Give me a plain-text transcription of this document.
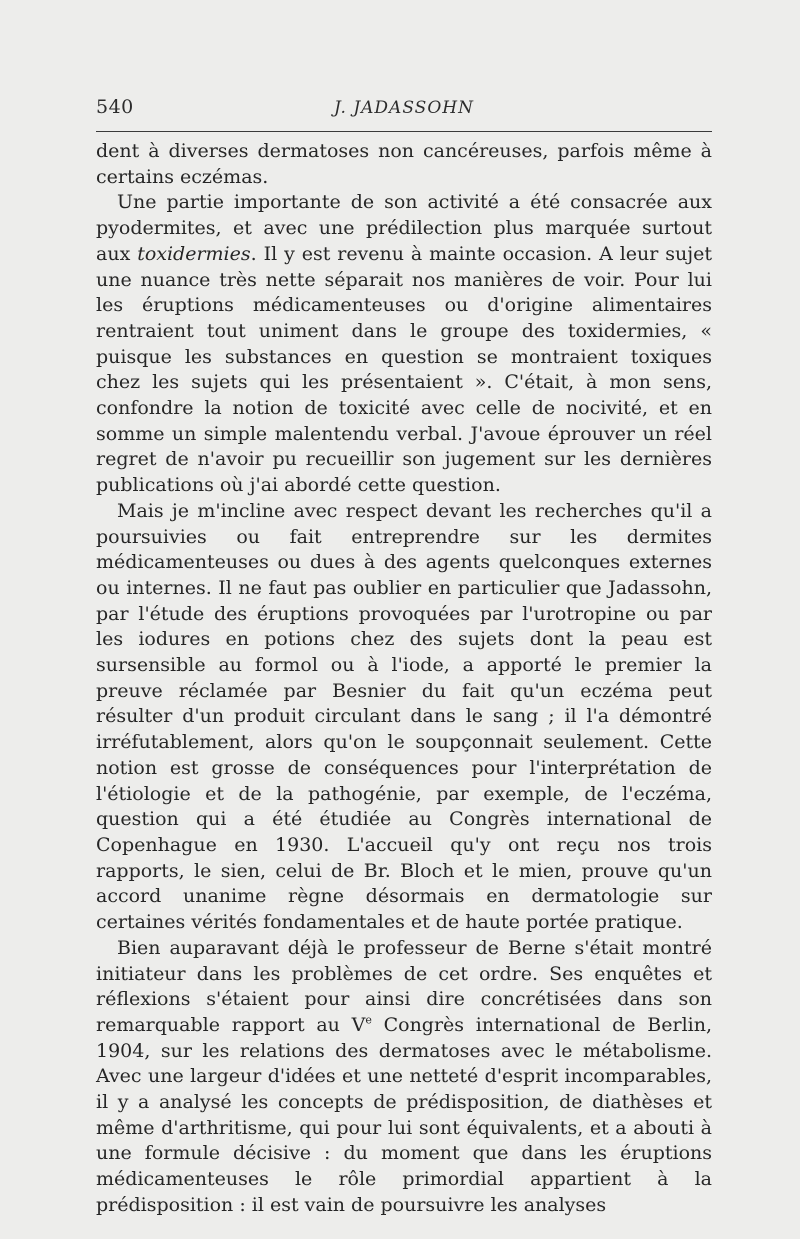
540	J. JADASSOHN

dent à diverses dermatoses non cancéreuses, parfois même à certains eczémas.

Une partie importante de son activité a été consacrée aux pyodermites, et avec une prédilection plus marquée surtout aux toxidermies. Il y est revenu à mainte occasion. A leur sujet une nuance très nette séparait nos manières de voir. Pour lui les éruptions médicamenteuses ou d'origine alimentaires rentraient tout uniment dans le groupe des toxidermies, « puisque les substances en question se montraient toxiques chez les sujets qui les présentaient ». C'était, à mon sens, confondre la notion de toxicité avec celle de nocivité, et en somme un simple malentendu verbal. J'avoue éprouver un réel regret de n'avoir pu recueillir son jugement sur les dernières publications où j'ai abordé cette question.

Mais je m'incline avec respect devant les recherches qu'il a poursuivies ou fait entreprendre sur les dermites médicamenteuses ou dues à des agents quelconques externes ou internes. Il ne faut pas oublier en particulier que Jadassohn, par l'étude des éruptions provoquées par l'urotropine ou par les iodures en potions chez des sujets dont la peau est sursensible au formol ou à l'iode, a apporté le premier la preuve réclamée par Besnier du fait qu'un eczéma peut résulter d'un produit circulant dans le sang ; il l'a démontré irréfutablement, alors qu'on le soupçonnait seulement. Cette notion est grosse de conséquences pour l'interprétation de l'étiologie et de la pathogénie, par exemple, de l'eczéma, question qui a été étudiée au Congrès international de Copenhague en 1930. L'accueil qu'y ont reçu nos trois rapports, le sien, celui de Br. Bloch et le mien, prouve qu'un accord unanime règne désormais en dermatologie sur certaines vérités fondamentales et de haute portée pratique.

Bien auparavant déjà le professeur de Berne s'était montré initiateur dans les problèmes de cet ordre. Ses enquêtes et réflexions s'étaient pour ainsi dire concrétisées dans son remarquable rapport au Ve Congrès international de Berlin, 1904, sur les relations des dermatoses avec le métabolisme. Avec une largeur d'idées et une netteté d'esprit incomparables, il y a analysé les concepts de prédisposition, de diathèses et même d'arthritisme, qui pour lui sont équivalents, et a abouti à une formule décisive : du moment que dans les éruptions médicamenteuses le rôle primordial appartient à la prédisposition : il est vain de poursuivre les analyses
